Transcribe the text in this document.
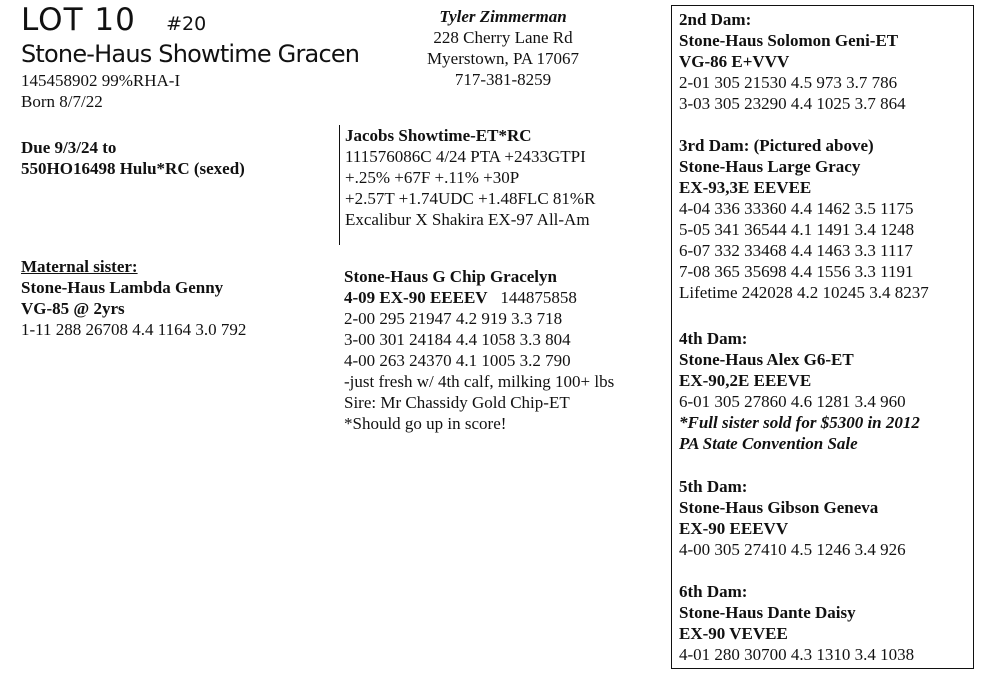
LOT 10 #20
Stone-Haus Showtime Gracen
145458902 99%RHA-I
Born 8/7/22
Due 9/3/24 to
550HO16498 Hulu*RC (sexed)
Maternal sister:
Stone-Haus Lambda Genny
VG-85 @ 2yrs
1-11 288 26708 4.4 1164 3.0 792
Tyler Zimmerman
228 Cherry Lane Rd
Myerstown, PA 17067
717-381-8259
Jacobs Showtime-ET*RC
111576086C 4/24 PTA +2433GTPI
+.25% +67F +.11% +30P
+2.57T +1.74UDC +1.48FLC 81%R
Excalibur X Shakira EX-97 All-Am
Stone-Haus G Chip Gracelyn
4-09 EX-90 EEEEV 144875858
2-00 295 21947 4.2 919 3.3 718
3-00 301 24184 4.4 1058 3.3 804
4-00 263 24370 4.1 1005 3.2 790
-just fresh w/ 4th calf, milking 100+ lbs
Sire: Mr Chassidy Gold Chip-ET
*Should go up in score!
2nd Dam:
Stone-Haus Solomon Geni-ET
VG-86 E+VVV
2-01 305 21530 4.5 973 3.7 786
3-03 305 23290 4.4 1025 3.7 864
3rd Dam: (Pictured above)
Stone-Haus Large Gracy
EX-93,3E EEVEE
4-04 336 33360 4.4 1462 3.5 1175
5-05 341 36544 4.1 1491 3.4 1248
6-07 332 33468 4.4 1463 3.3 1117
7-08 365 35698 4.4 1556 3.3 1191
Lifetime 242028 4.2 10245 3.4 8237
4th Dam:
Stone-Haus Alex G6-ET
EX-90,2E EEEVE
6-01 305 27860 4.6 1281 3.4 960
*Full sister sold for $5300 in 2012
PA State Convention Sale
5th Dam:
Stone-Haus Gibson Geneva
EX-90 EEEVV
4-00 305 27410 4.5 1246 3.4 926
6th Dam:
Stone-Haus Dante Daisy
EX-90 VEVEE
4-01 280 30700 4.3 1310 3.4 1038
